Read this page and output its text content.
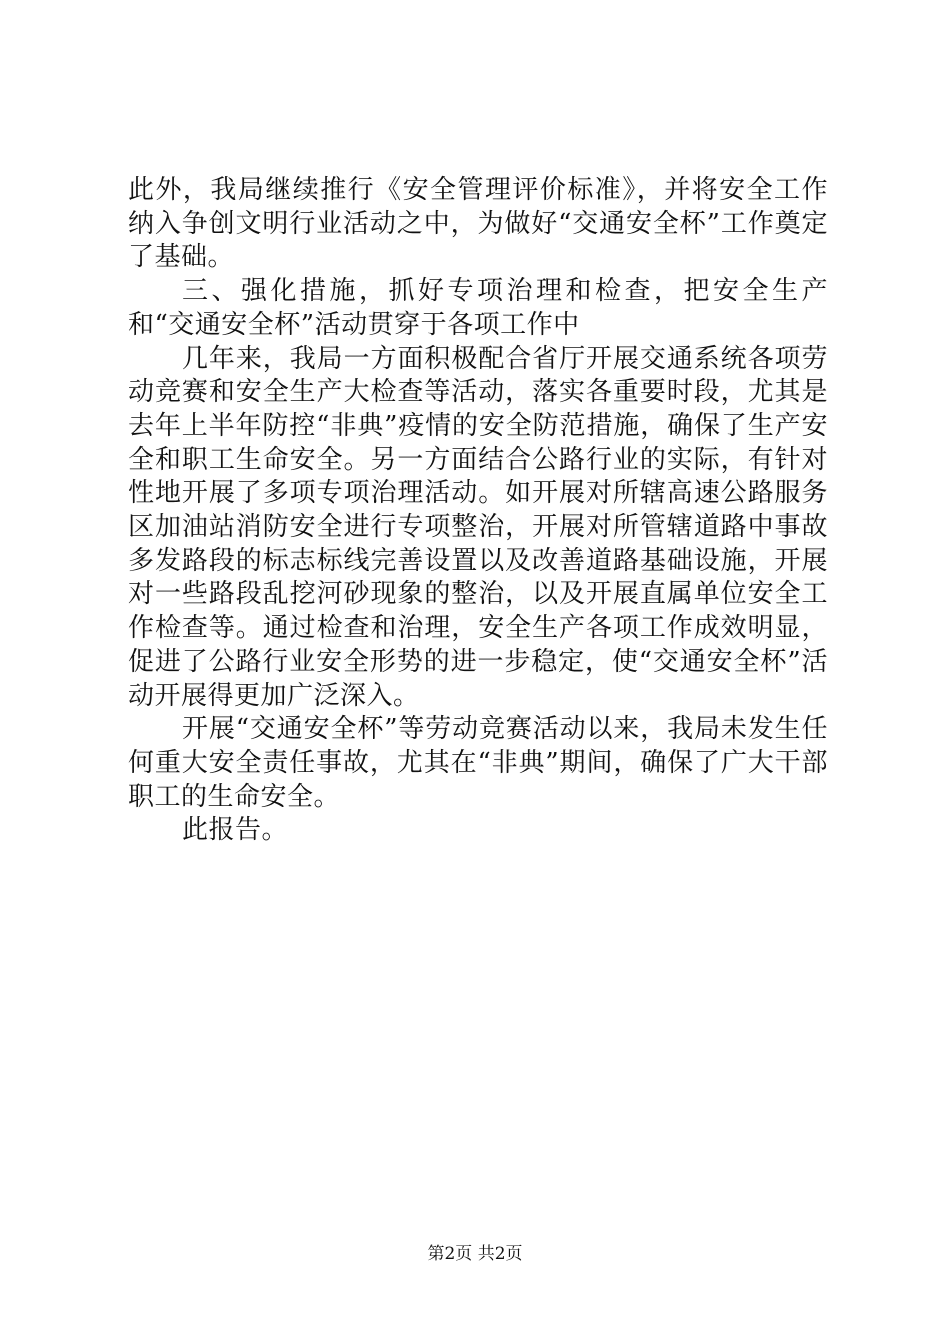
此外，我局继续推行《安全管理评价标准》，并将安全工作纳入争创文明行业活动之中，为做好“交通安全杯”工作奠定了基础。

三、强化措施，抓好专项治理和检查，把安全生产和“交通安全杯”活动贯穿于各项工作中

几年来，我局一方面积极配合省厅开展交通系统各项劳动竞赛和安全生产大检查等活动，落实各重要时段，尤其是去年上半年防控“非典”疫情的安全防范措施，确保了生产安全和职工生命安全。另一方面结合公路行业的实际，有针对性地开展了多项专项治理活动。如开展对所辖高速公路服务区加油站消防安全进行专项整治，开展对所管辖道路中事故多发路段的标志标线完善设置以及改善道路基础设施，开展对一些路段乱挖河砂现象的整治，以及开展直属单位安全工作检查等。通过检查和治理，安全生产各项工作成效明显，促进了公路行业安全形势的进一步稳定，使“交通安全杯”活动开展得更加广泛深入。

开展“交通安全杯”等劳动竞赛活动以来，我局未发生任何重大安全责任事故，尤其在“非典”期间，确保了广大干部职工的生命安全。

此报告。

第2页 共2页
